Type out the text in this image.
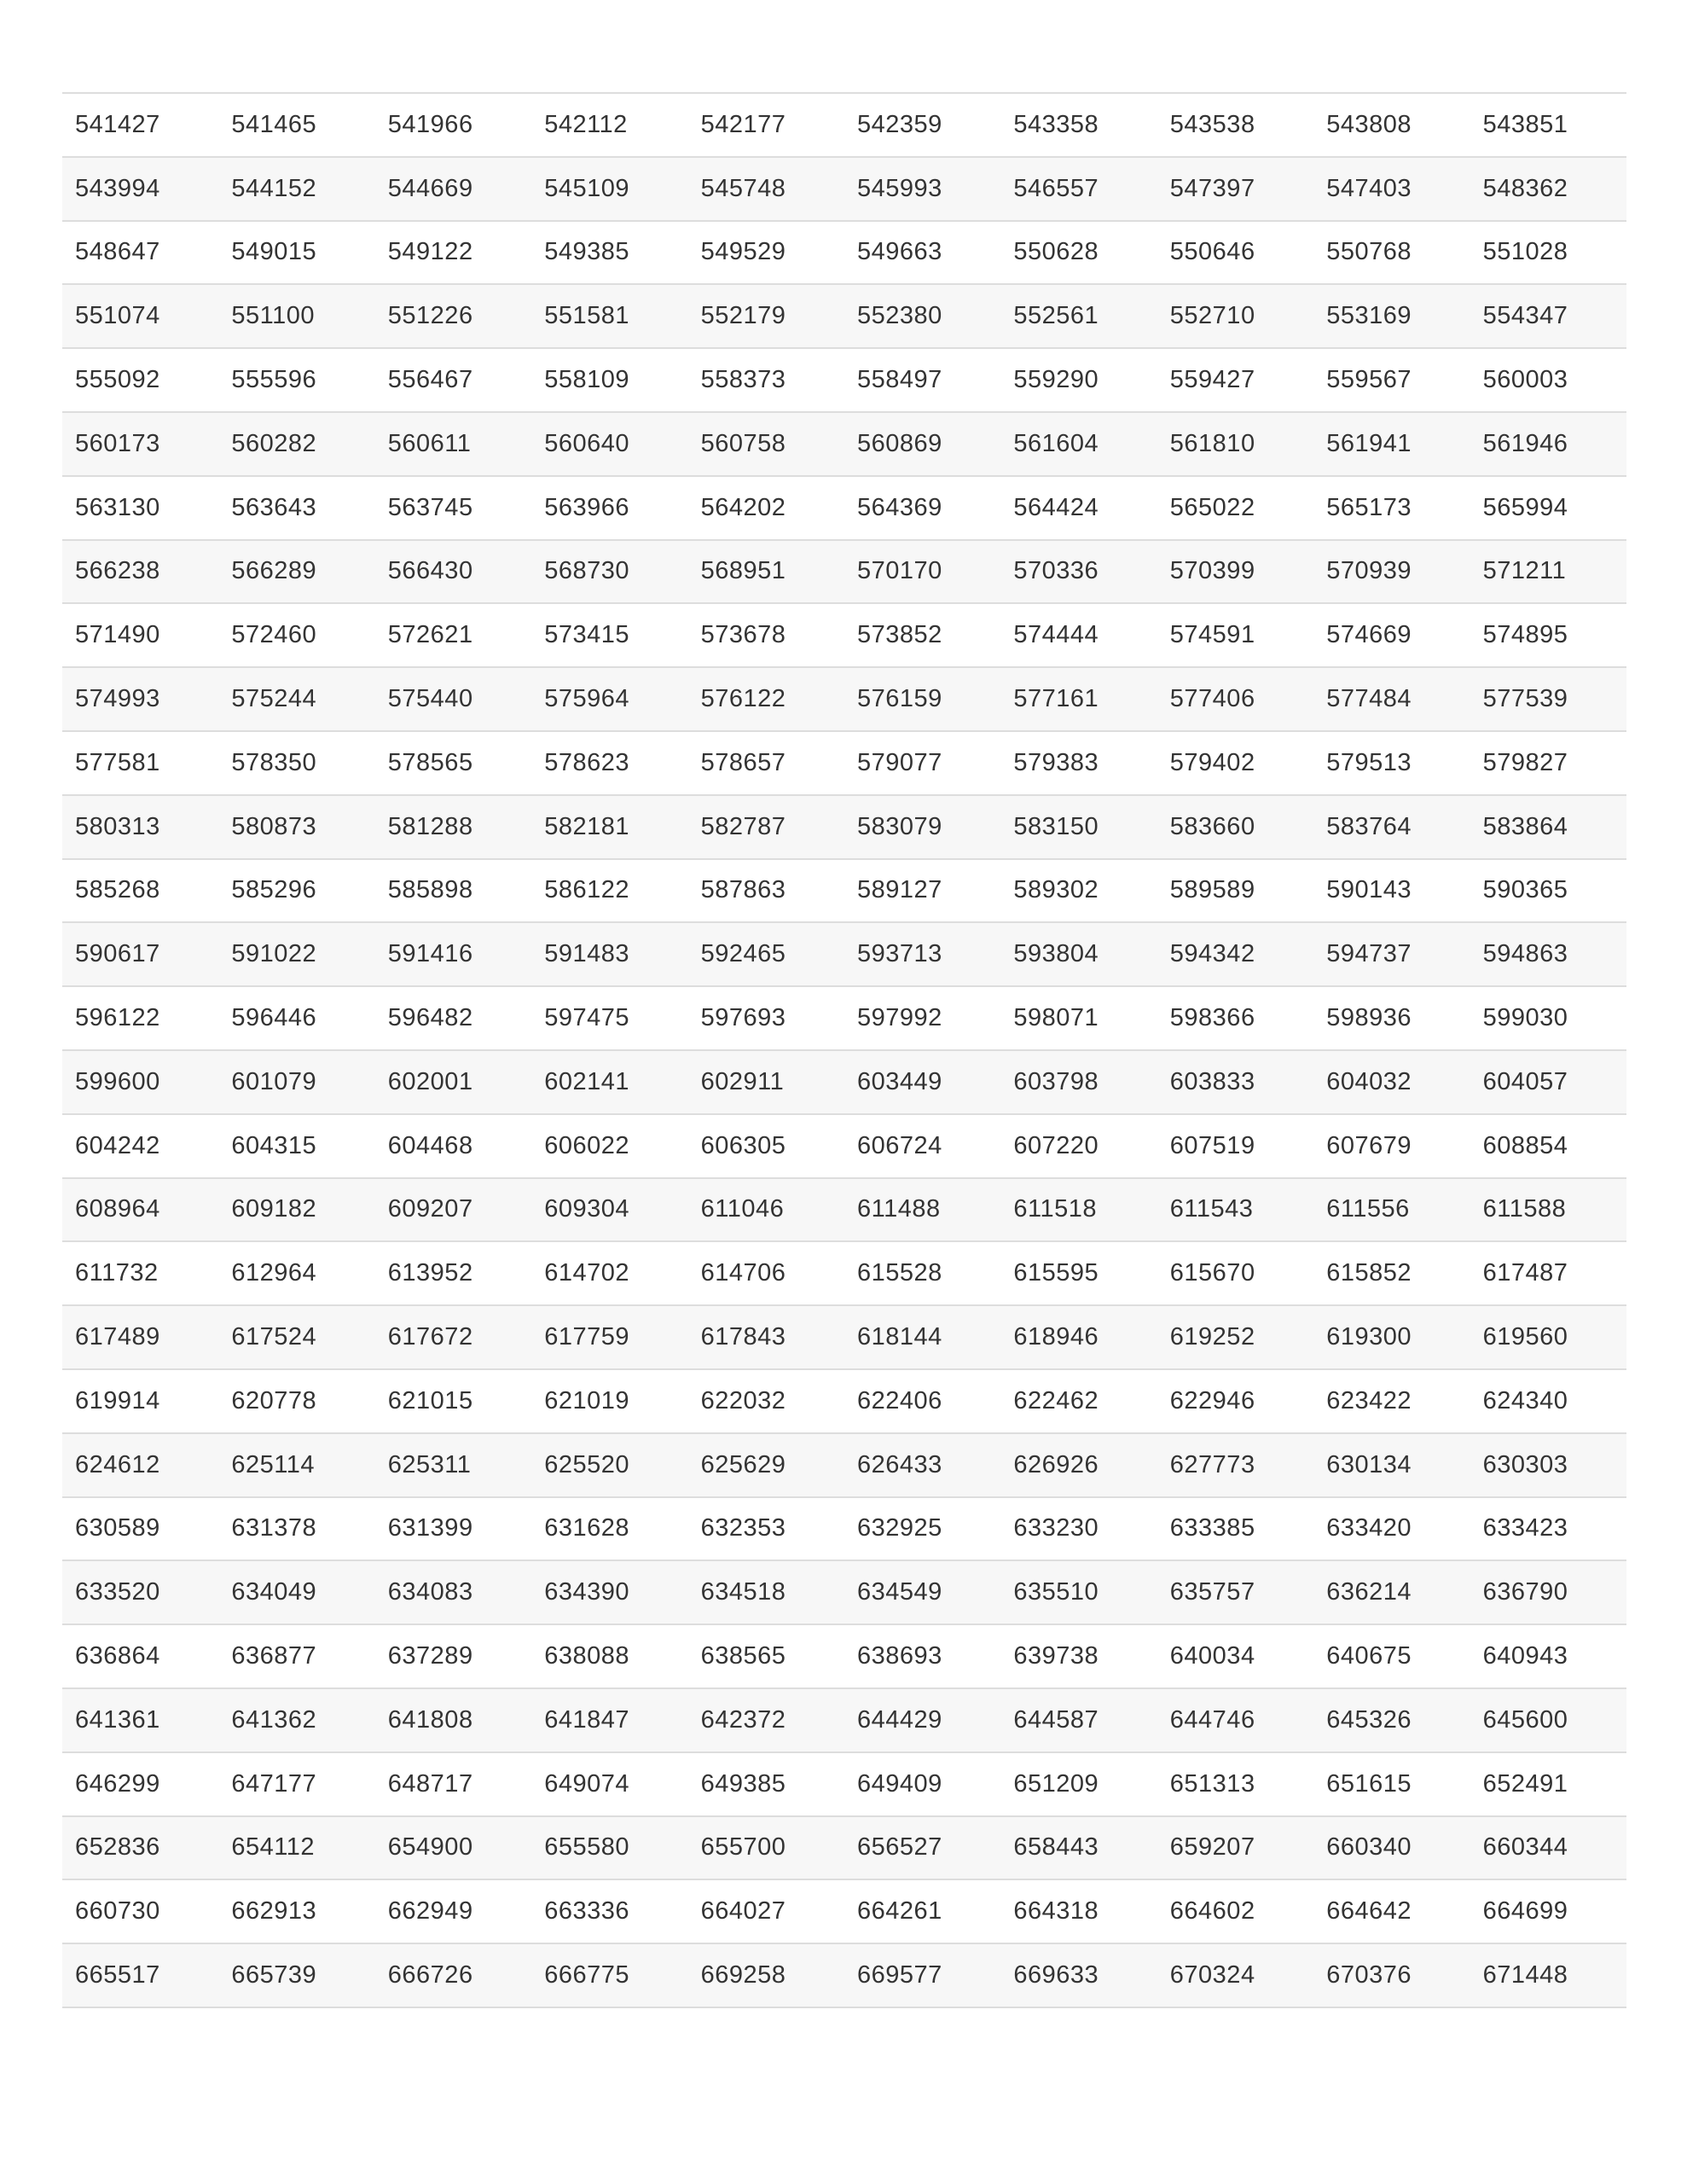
541427	541465	541966	542112	542177	542359	543358	543538	543808	543851
543994	544152	544669	545109	545748	545993	546557	547397	547403	548362
548647	549015	549122	549385	549529	549663	550628	550646	550768	551028
551074	551100	551226	551581	552179	552380	552561	552710	553169	554347
555092	555596	556467	558109	558373	558497	559290	559427	559567	560003
560173	560282	560611	560640	560758	560869	561604	561810	561941	561946
563130	563643	563745	563966	564202	564369	564424	565022	565173	565994
566238	566289	566430	568730	568951	570170	570336	570399	570939	571211
571490	572460	572621	573415	573678	573852	574444	574591	574669	574895
574993	575244	575440	575964	576122	576159	577161	577406	577484	577539
577581	578350	578565	578623	578657	579077	579383	579402	579513	579827
580313	580873	581288	582181	582787	583079	583150	583660	583764	583864
585268	585296	585898	586122	587863	589127	589302	589589	590143	590365
590617	591022	591416	591483	592465	593713	593804	594342	594737	594863
596122	596446	596482	597475	597693	597992	598071	598366	598936	599030
599600	601079	602001	602141	602911	603449	603798	603833	604032	604057
604242	604315	604468	606022	606305	606724	607220	607519	607679	608854
608964	609182	609207	609304	611046	611488	611518	611543	611556	611588
611732	612964	613952	614702	614706	615528	615595	615670	615852	617487
617489	617524	617672	617759	617843	618144	618946	619252	619300	619560
619914	620778	621015	621019	622032	622406	622462	622946	623422	624340
624612	625114	625311	625520	625629	626433	626926	627773	630134	630303
630589	631378	631399	631628	632353	632925	633230	633385	633420	633423
633520	634049	634083	634390	634518	634549	635510	635757	636214	636790
636864	636877	637289	638088	638565	638693	639738	640034	640675	640943
641361	641362	641808	641847	642372	644429	644587	644746	645326	645600
646299	647177	648717	649074	649385	649409	651209	651313	651615	652491
652836	654112	654900	655580	655700	656527	658443	659207	660340	660344
660730	662913	662949	663336	664027	664261	664318	664602	664642	664699
665517	665739	666726	666775	669258	669577	669633	670324	670376	671448
